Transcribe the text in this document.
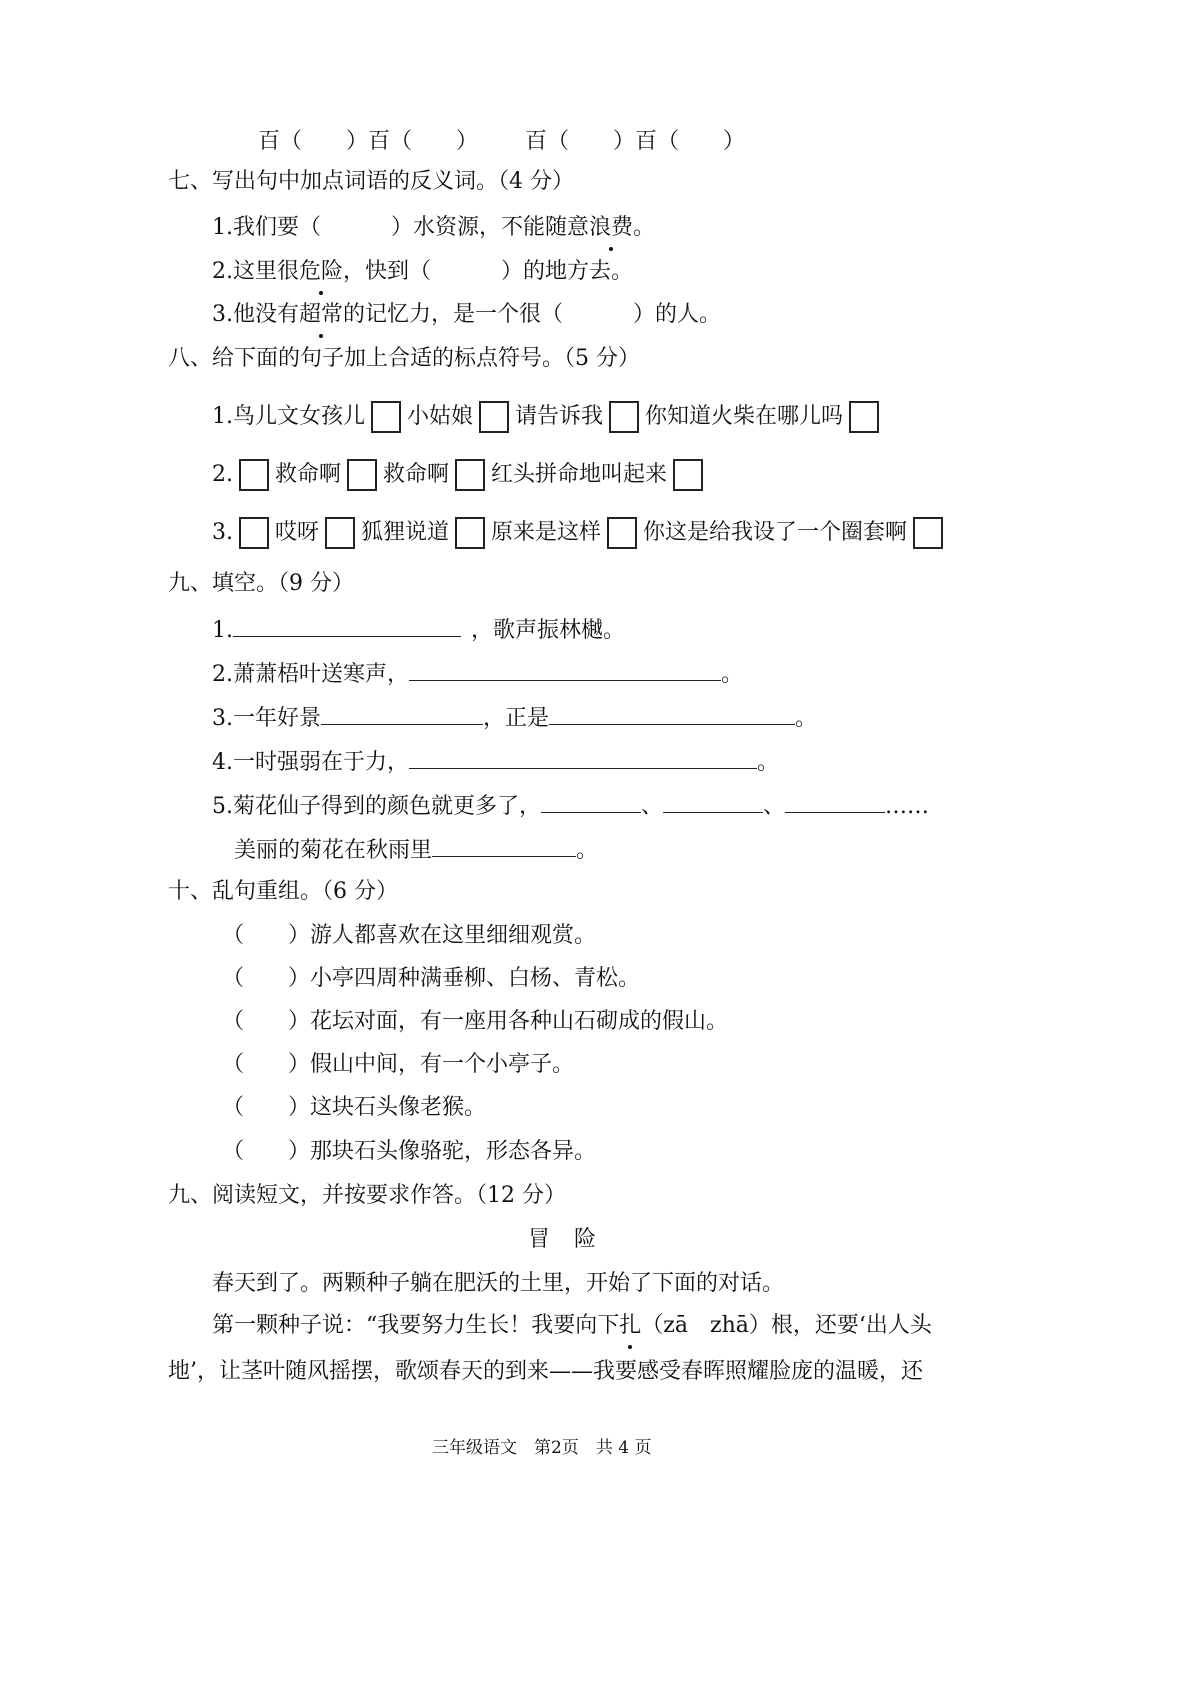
百（　　）百（　　） 百（　　）百（　　）
七、写出句中加点词语的反义词。（4 分）
1.我们要（	）水资源，不能随意浪费。
2.这里很危险，快到（	）的地方去。
3.他没有超常的记忆力，是一个很（	）的人。
八、给下面的句子加上合适的标点符号。（5 分）
1.鸟儿文女孩儿 小姑娘 请告诉我 你知道火柴在哪儿吗
2. 救命啊 救命啊 红头拼命地叫起来
3. 哎呀 狐狸说道 原来是这样 你这是给我设了一个圈套啊
九、填空。（9 分）
1.	，歌声振林樾。
2.萧萧梧叶送寒声，	。
3.一年好景	，正是	。
4.一时强弱在于力，	。
5.菊花仙子得到的颜色就更多了，	、	、	……
美丽的菊花在秋雨里	。
十、乱句重组。（6 分）
（　　）游人都喜欢在这里细细观赏。
（　　）小亭四周种满垂柳、白杨、青松。
（　　）花坛对面，有一座用各种山石砌成的假山。
（　　）假山中间，有一个小亭子。
（　　）这块石头像老猴。
（　　）那块石头像骆驼，形态各异。
九、阅读短文，并按要求作答。（12 分）
冒险
春天到了。两颗种子躺在肥沃的土里，开始了下面的对话。
第一颗种子说：“我要努力生长！我要向下扎（zā　zhā）根，还要‘出人头
地’，让茎叶随风摇摆，歌颂春天的到来——我要感受春晖照耀脸庞的温暖，还
三年级语文　第2页　共 4 页
